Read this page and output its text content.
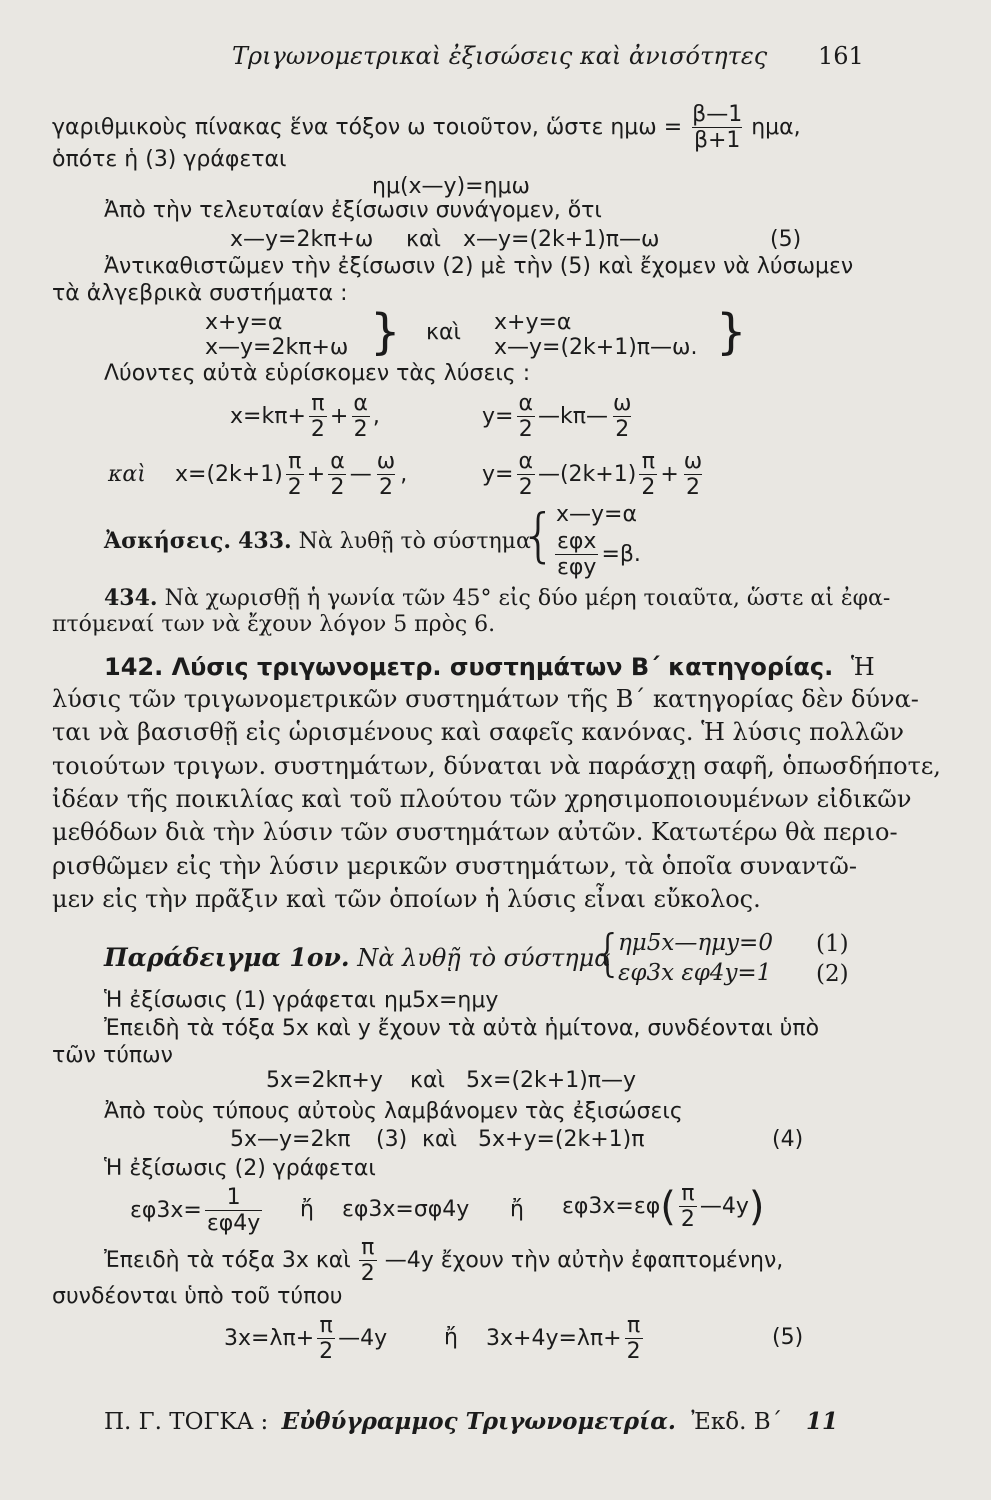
Τριγωνομετρικαὶ ἐξισώσεις καὶ ἀνισότητες 161
γαριθμικοὺς πίνακας ἕνα τόξον ω τοιοῦτον, ὥστε $\eta\mu\omega = \frac{\beta—1}{\beta+1} \eta\mu\alpha$,
ὁπότε ἡ (3) γράφεται
ημ(x—y)=ημω
Ἀπὸ τὴν τελευταίαν ἐξίσωσιν συνάγομεν, ὅτι
x—y=2kπ+ω καὶ x—y=(2k+1)π—ω	(5)
Ἀντικαθιστῶμεν τὴν ἐξίσωσιν (2) μὲ τὴν (5) καὶ ἔχομεν νὰ λύσωμεν
τὰ ἀλγεβρικὰ συστήματα :
x+y=α
x—y=2kπ+ω } καὶ x+y=α
x—y=(2k+1)π—ω. }
Λύοντες αὐτὰ εὑρίσκομεν τὰς λύσεις :
$x=k\pi+ \frac{\pi}{2} + \frac{\alpha}{2}$ ,	$y= \frac{\alpha}{2}$ —kπ— $\frac{\omega}{2}$
καὶ $x=(2k+1) \frac{\pi}{2} + \frac{\alpha}{2}$ — $\frac{\omega}{2}$ ,	$y= \frac{\alpha}{2}$ —(2k+1) $\frac{\pi}{2} + \frac{\omega}{2}$
Ἀσκήσεις. 433. Νὰ λυθῇ τὸ σύστημα
{ x—y=α
$\frac{\text{εφx}}{\text{εφy}} =\beta$.
434. Νὰ χωρισθῇ ἡ γωνία τῶν 45° εἰς δύο μέρη τοιαῦτα, ὥστε αἱ ἐφα-
πτόμεναί των νὰ ἔχουν λόγον 5 πρὸς 6.
142. Λύσις τριγωνομετρ. συστημάτων Β΄ κατηγορίας. Ἡ
λύσις τῶν τριγωνομετρικῶν συστημάτων τῆς Β΄ κατηγορίας δὲν δύνα-
ται νὰ βασισθῇ εἰς ὡρισμένους καὶ σαφεῖς κανόνας. Ἡ λύσις πολλῶν
τοιούτων τριγων. συστημάτων, δύναται νὰ παράσχῃ σαφῆ, ὁπωσδήποτε,
ἰδέαν τῆς ποικιλίας καὶ τοῦ πλούτου τῶν χρησιμοποιουμένων εἰδικῶν
μεθόδων διὰ τὴν λύσιν τῶν συστημάτων αὐτῶν. Κατωτέρω θὰ περιο-
ρισθῶμεν εἰς τὴν λύσιν μερικῶν συστημάτων, τὰ ὁποῖα συναντῶ-
μεν εἰς τὴν πρᾶξιν καὶ τῶν ὁποίων ἡ λύσις εἶναι εὔκολος.
Παράδειγμα 1ον. Νὰ λυθῇ τὸ σύστημα
{
ημ5x—ημy=0 (1)
εφ3x εφ4y=1 (2)
Ἡ ἐξίσωσις (1) γράφεται ημ5x=ημy
Ἐπειδὴ τὰ τόξα 5x καὶ y ἔχουν τὰ αὐτὰ ἡμίτονα, συνδέονται ὑπὸ
τῶν τύπων
5x=2kπ+y καὶ 5x=(2k+1)π—y
Ἀπὸ τοὺς τύπους αὐτοὺς λαμβάνομεν τὰς ἐξισώσεις
5x—y=2kπ (3) καὶ 5x+y=(2k+1)π	(4)
Ἡ ἐξίσωσις (2) γράφεται
$\varepsilon\varphi 3x= \frac{1}{\varepsilon\varphi 4y}$ ἤ εφ3x=σφ4y ἤ εφ3x=εφ ( $\frac{\pi}{2}$ —4y )
Ἐπειδὴ τὰ τόξα 3x καὶ $\frac{\pi}{2}$ —4y ἔχουν τὴν αὐτὴν ἐφαπτομένην,
συνδέονται ὑπὸ τοῦ τύπου
$3x=\lambda\pi+ \frac{\pi}{2}$ —4y	ἤ $3x+4y=\lambda\pi+ \frac{\pi}{2}$	(5)
Π. Γ. ΤΟΓΚΑ : Εὐθύγραμμος Τριγωνομετρία. Ἐκδ. Β΄ 11
